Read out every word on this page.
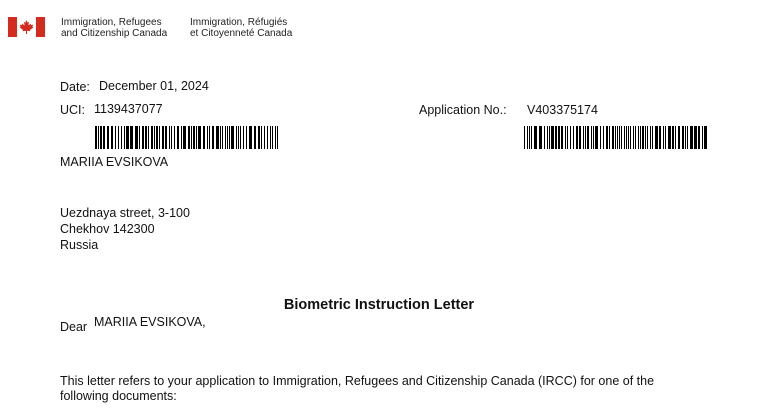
Immigration, Refugees
and Citizenship Canada
Immigration, Réfugiés
et Citoyenneté Canada
Date: December 01, 2024
UCI: 1139437077	Application No.: V403375174
MARIIA EVSIKOVA
Uezdnaya street, 3-100
Chekhov 142300
Russia
Biometric Instruction Letter
Dear MARIIA EVSIKOVA,
This letter refers to your application to Immigration, Refugees and Citizenship Canada (IRCC) for one of the
following documents:
